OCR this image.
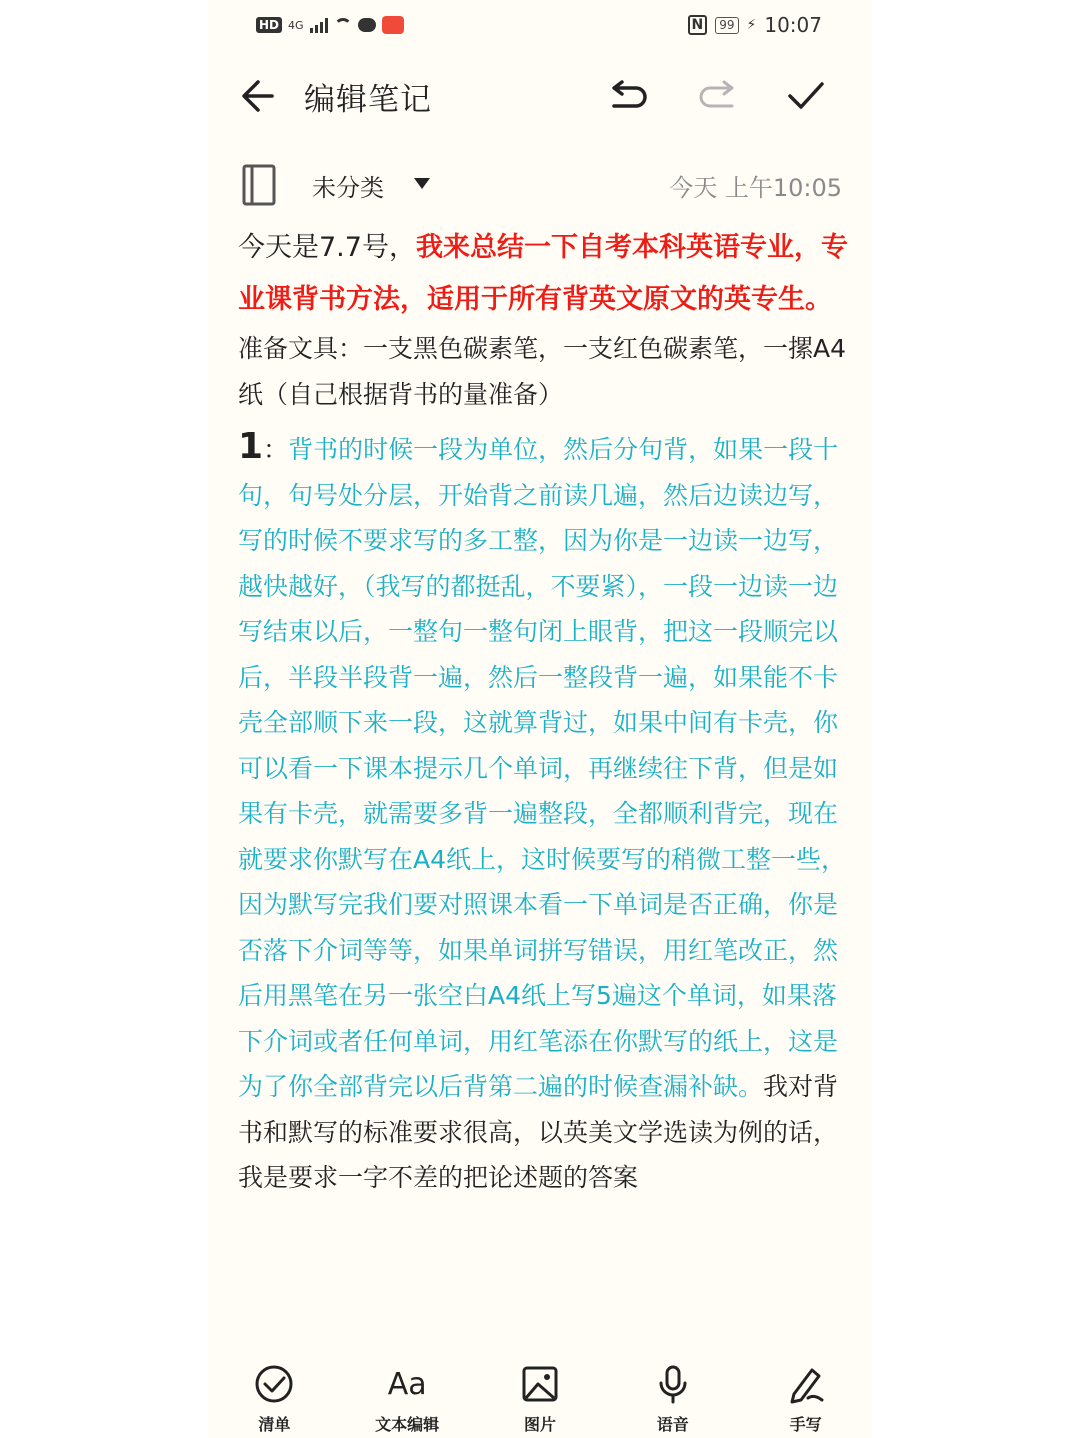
HD 4G	N	99 ⚡ 10:07
编辑笔记
未分类	今天 上午10:05

今天是7.7号，我来总结一下自考本科英语专业，专业课背书方法，适用于所有背英文原文的英专生。

准备文具：一支黑色碳素笔，一支红色碳素笔，一摞A4纸（自己根据背书的量准备）

1：背书的时候一段为单位，然后分句背，如果一段十句，句号处分层，开始背之前读几遍，然后边读边写，写的时候不要求写的多工整，因为你是一边读一边写，越快越好，（我写的都挺乱，不要紧），一段一边读一边写结束以后，一整句一整句闭上眼背，把这一段顺完以后，半段半段背一遍，然后一整段背一遍，如果能不卡壳全部顺下来一段，这就算背过，如果中间有卡壳，你可以看一下课本提示几个单词，再继续往下背，但是如果有卡壳，就需要多背一遍整段，全都顺利背完，现在就要求你默写在A4纸上，这时候要写的稍微工整一些，因为默写完我们要对照课本看一下单词是否正确，你是否落下介词等等，如果单词拼写错误，用红笔改正，然后用黑笔在另一张空白A4纸上写5遍这个单词，如果落下介词或者任何单词，用红笔添在你默写的纸上，这是为了你全部背完以后背第二遍的时候查漏补缺。我对背书和默写的标准要求很高，以英美文学选读为例的话，我是要求一字不差的把论述题的答案

清单
Aa
文本编辑	图片	语音	手写
